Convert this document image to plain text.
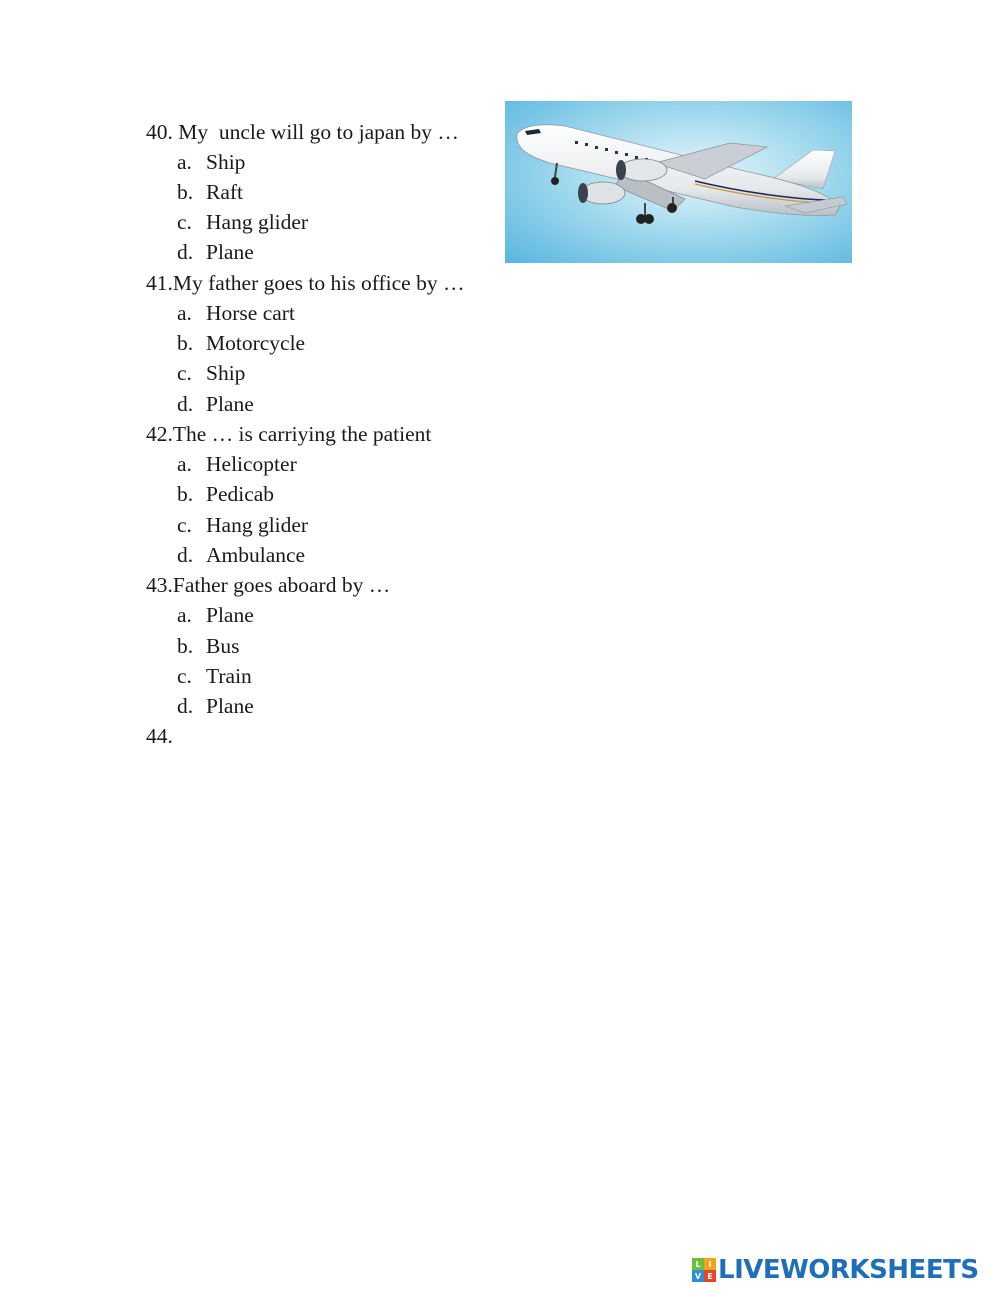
40. My  uncle will go to japan by …
a. Ship
b. Raft
c. Hang glider
d. Plane
41.My father goes to his office by …
a. Horse cart
b. Motorcycle
c. Ship
d. Plane
42.The … is carriying the patient
a. Helicopter
b. Pedicab
c. Hang glider
d. Ambulance
43.Father goes aboard by …
a. Plane
b. Bus
c. Train
d. Plane
44.
L I
V E LIVEWORKSHEETS
